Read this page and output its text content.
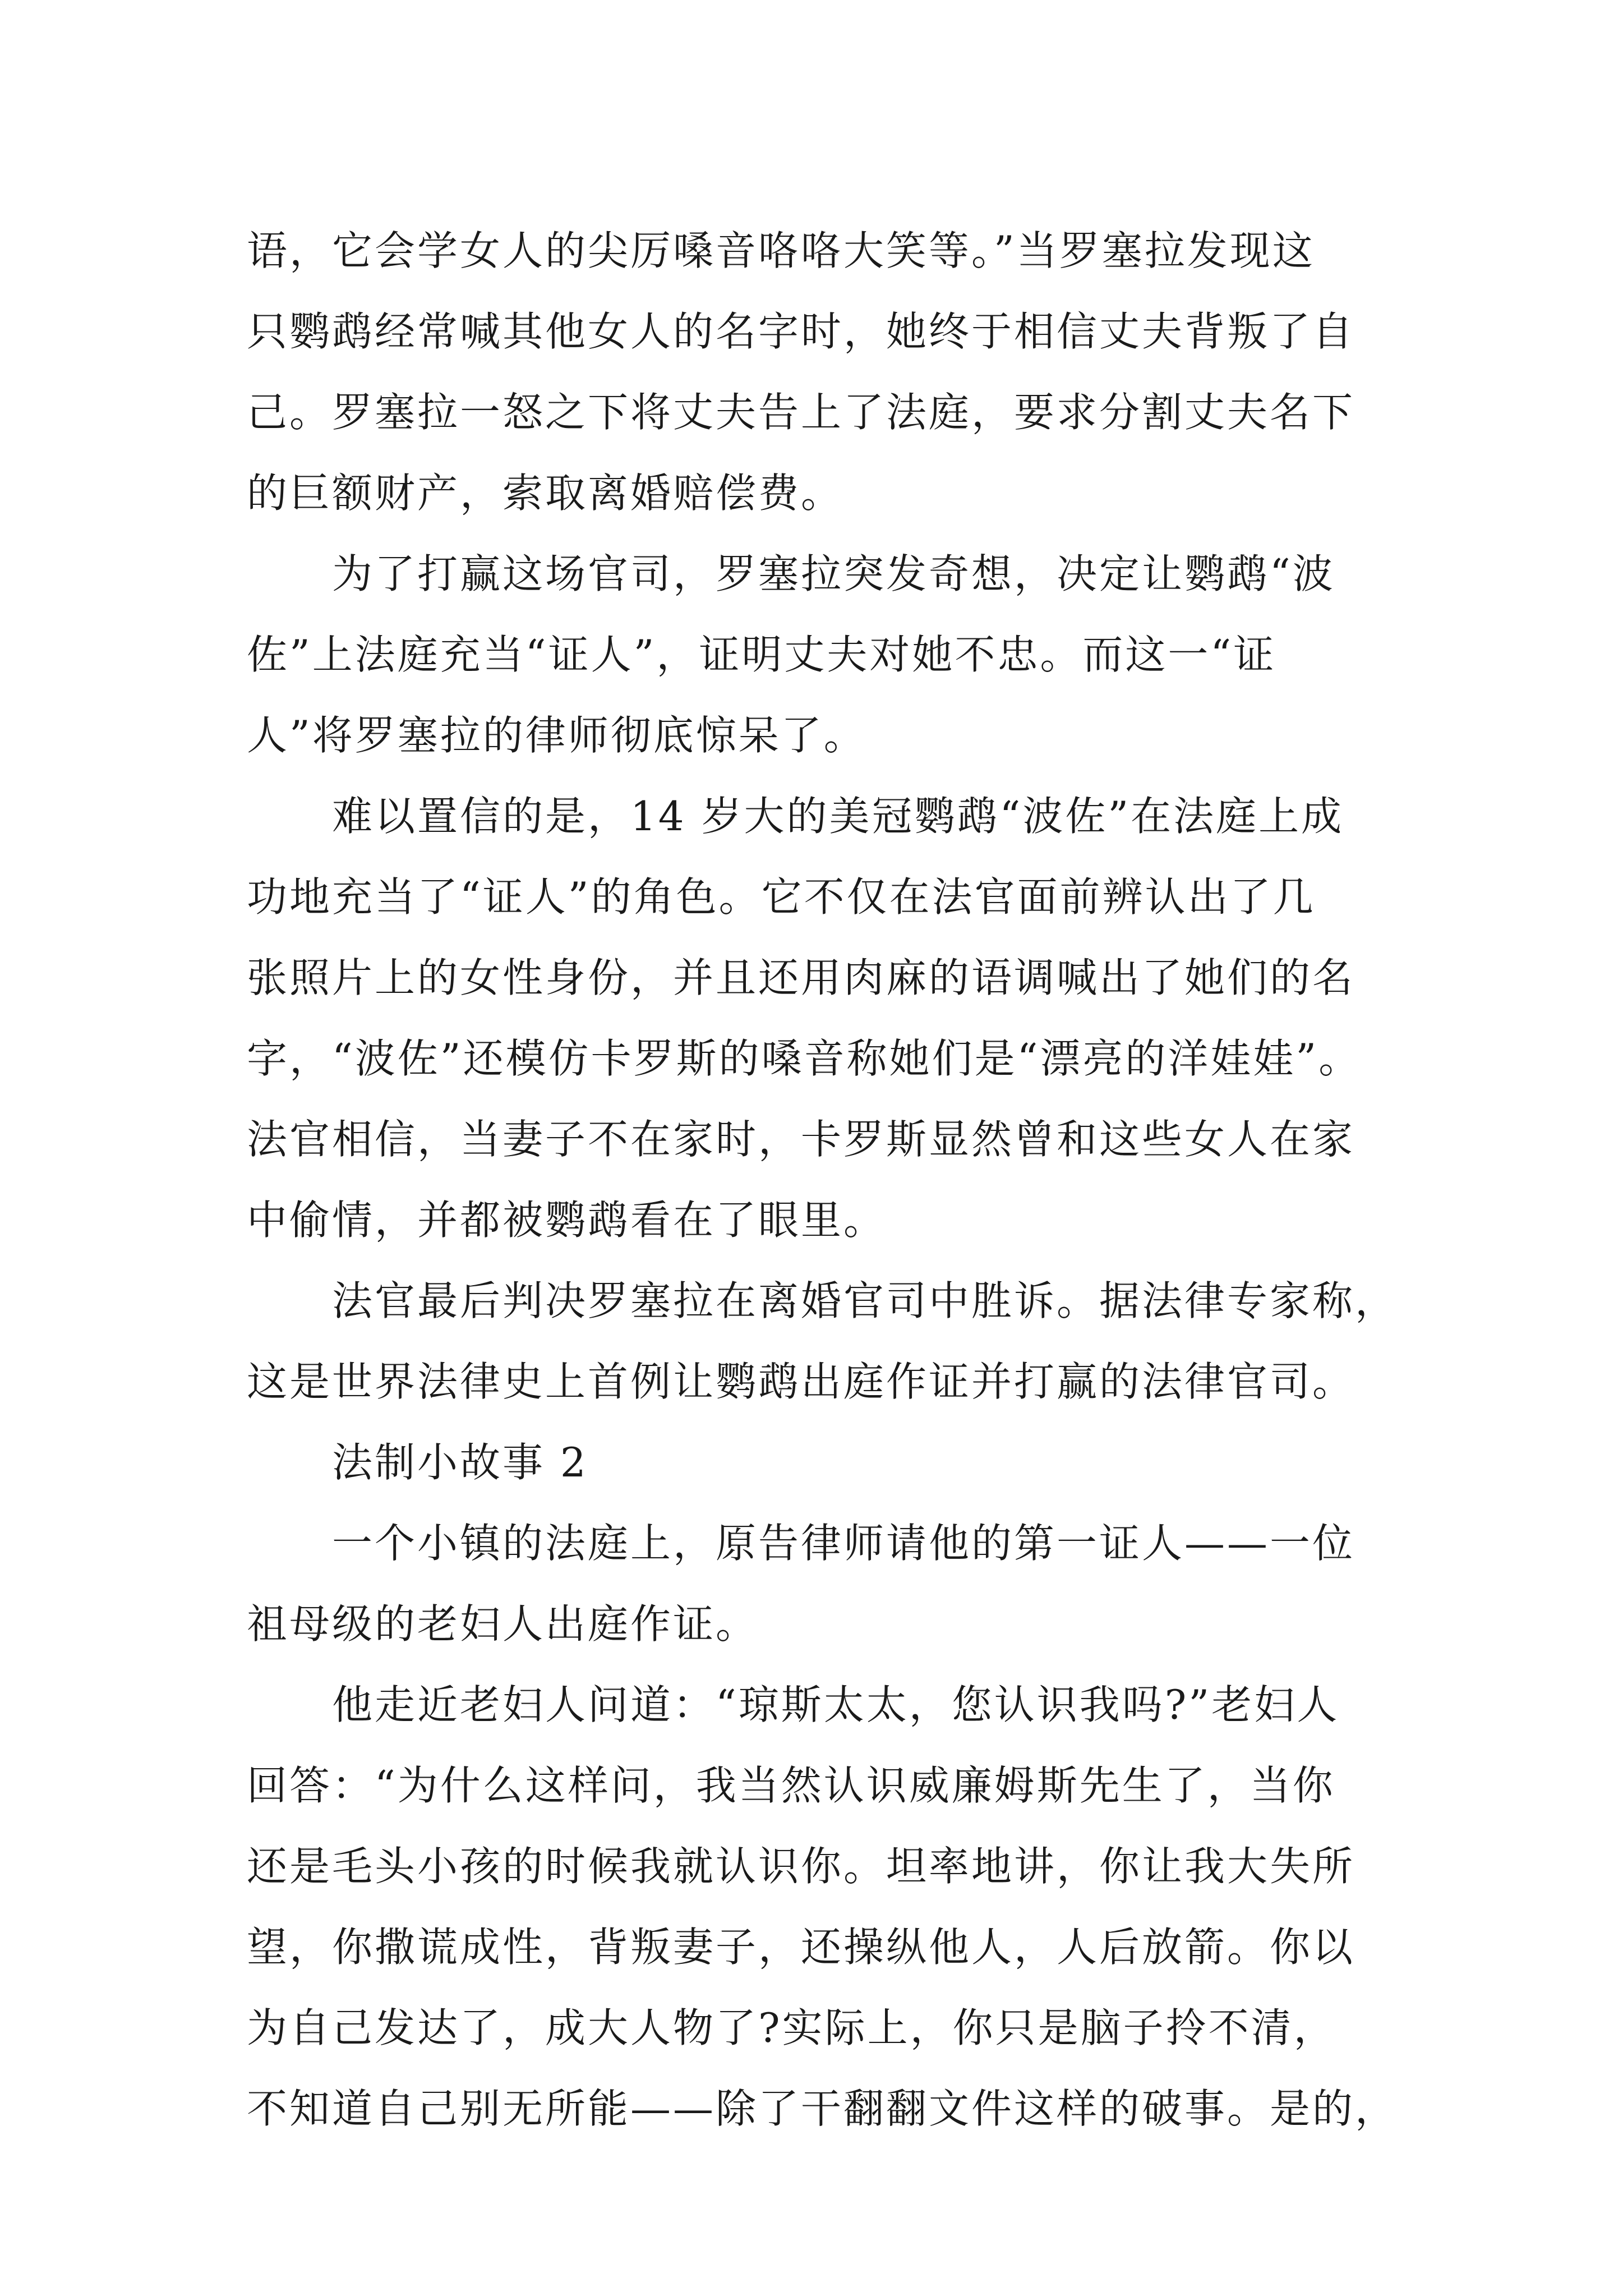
语，它会学女人的尖厉嗓音咯咯大笑等。”当罗塞拉发现这
只鹦鹉经常喊其他女人的名字时，她终于相信丈夫背叛了自
己。罗塞拉一怒之下将丈夫告上了法庭，要求分割丈夫名下
的巨额财产，索取离婚赔偿费。
为了打赢这场官司，罗塞拉突发奇想，决定让鹦鹉“波
佐”上法庭充当“证人”，证明丈夫对她不忠。而这一“证
人”将罗塞拉的律师彻底惊呆了。
难以置信的是，14 岁大的美冠鹦鹉“波佐”在法庭上成
功地充当了“证人”的角色。它不仅在法官面前辨认出了几
张照片上的女性身份，并且还用肉麻的语调喊出了她们的名
字，“波佐”还模仿卡罗斯的嗓音称她们是“漂亮的洋娃娃”。
法官相信，当妻子不在家时，卡罗斯显然曾和这些女人在家
中偷情，并都被鹦鹉看在了眼里。
法官最后判决罗塞拉在离婚官司中胜诉。据法律专家称，
这是世界法律史上首例让鹦鹉出庭作证并打赢的法律官司。
法制小故事 2
一个小镇的法庭上，原告律师请他的第一证人——一位
祖母级的老妇人出庭作证。
他走近老妇人问道：“琼斯太太，您认识我吗?”老妇人
回答：“为什么这样问，我当然认识威廉姆斯先生了，当你
还是毛头小孩的时候我就认识你。坦率地讲，你让我大失所
望，你撒谎成性，背叛妻子，还操纵他人，人后放箭。你以
为自己发达了，成大人物了?实际上，你只是脑子拎不清，
不知道自己别无所能——除了干翻翻文件这样的破事。是的，
